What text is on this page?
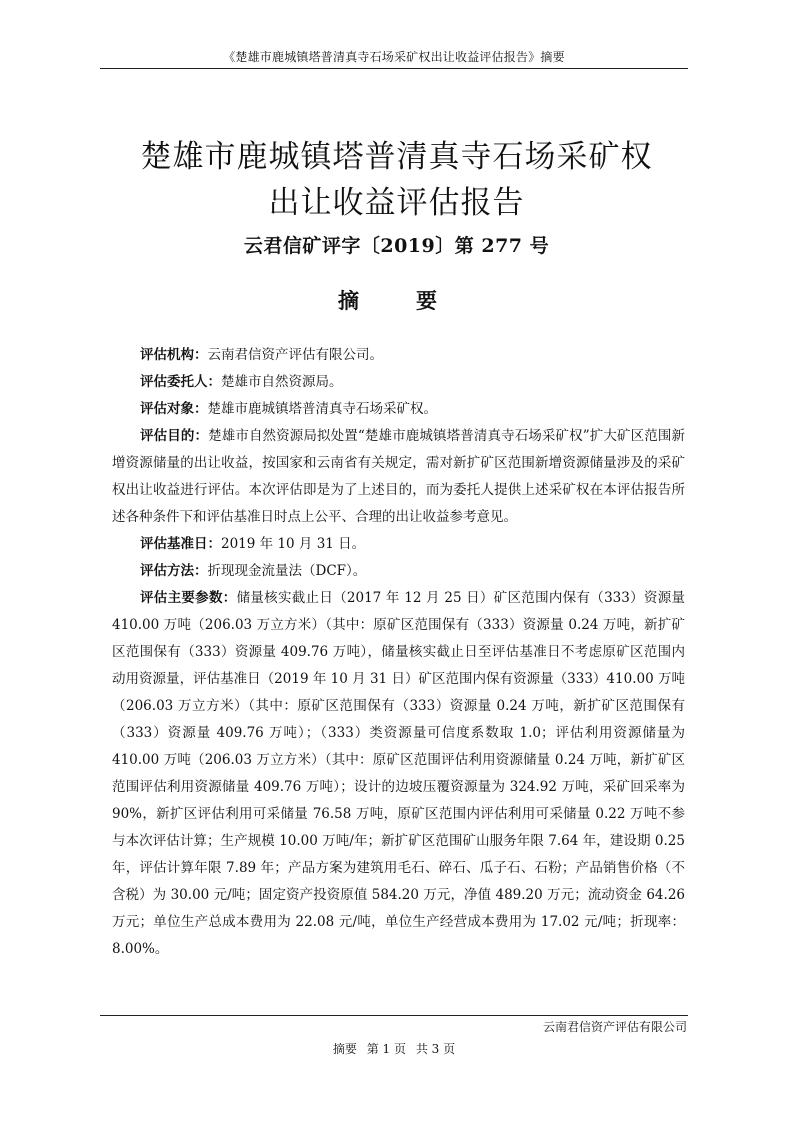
《楚雄市鹿城镇塔普清真寺石场采矿权出让收益评估报告》摘要
楚雄市鹿城镇塔普清真寺石场采矿权
出让收益评估报告
云君信矿评字〔2019〕第 277 号
摘　要

评估机构：云南君信资产评估有限公司。

评估委托人：楚雄市自然资源局。

评估对象：楚雄市鹿城镇塔普清真寺石场采矿权。

评估目的：楚雄市自然资源局拟处置“楚雄市鹿城镇塔普清真寺石场采矿权”扩大矿区范围新增资源储量的出让收益，按国家和云南省有关规定，需对新扩矿区范围新增资源储量涉及的采矿权出让收益进行评估。本次评估即是为了上述目的，而为委托人提供上述采矿权在本评估报告所述各种条件下和评估基准日时点上公平、合理的出让收益参考意见。

评估基准日：2019 年 10 月 31 日。

评估方法：折现现金流量法（DCF）。

评估主要参数：储量核实截止日（2017 年 12 月 25 日）矿区范围内保有（333）资源量 410.00 万吨（206.03 万立方米）（其中：原矿区范围保有（333）资源量 0.24 万吨，新扩矿区范围保有（333）资源量 409.76 万吨），储量核实截止日至评估基准日不考虑原矿区范围内动用资源量，评估基准日（2019 年 10 月 31 日）矿区范围内保有资源量（333）410.00 万吨（206.03 万立方米）（其中：原矿区范围保有（333）资源量 0.24 万吨，新扩矿区范围保有（333）资源量 409.76 万吨）；（333）类资源量可信度系数取 1.0；评估利用资源储量为 410.00 万吨（206.03 万立方米）（其中：原矿区范围评估利用资源储量 0.24 万吨，新扩矿区范围评估利用资源储量 409.76 万吨）；设计的边坡压覆资源量为 324.92 万吨，采矿回采率为 90%，新扩区评估利用可采储量 76.58 万吨，原矿区范围内评估利用可采储量 0.22 万吨不参与本次评估计算；生产规模 10.00 万吨/年；新扩矿区范围矿山服务年限 7.64 年，建设期 0.25 年，评估计算年限 7.89 年；产品方案为建筑用毛石、碎石、瓜子石、石粉；产品销售价格（不含税）为 30.00 元/吨；固定资产投资原值 584.20 万元，净值 489.20 万元；流动资金 64.26 万元；单位生产总成本费用为 22.08 元/吨，单位生产经营成本费用为 17.02 元/吨；折现率：8.00%。

云南君信资产评估有限公司
摘要 第 1 页 共 3 页
